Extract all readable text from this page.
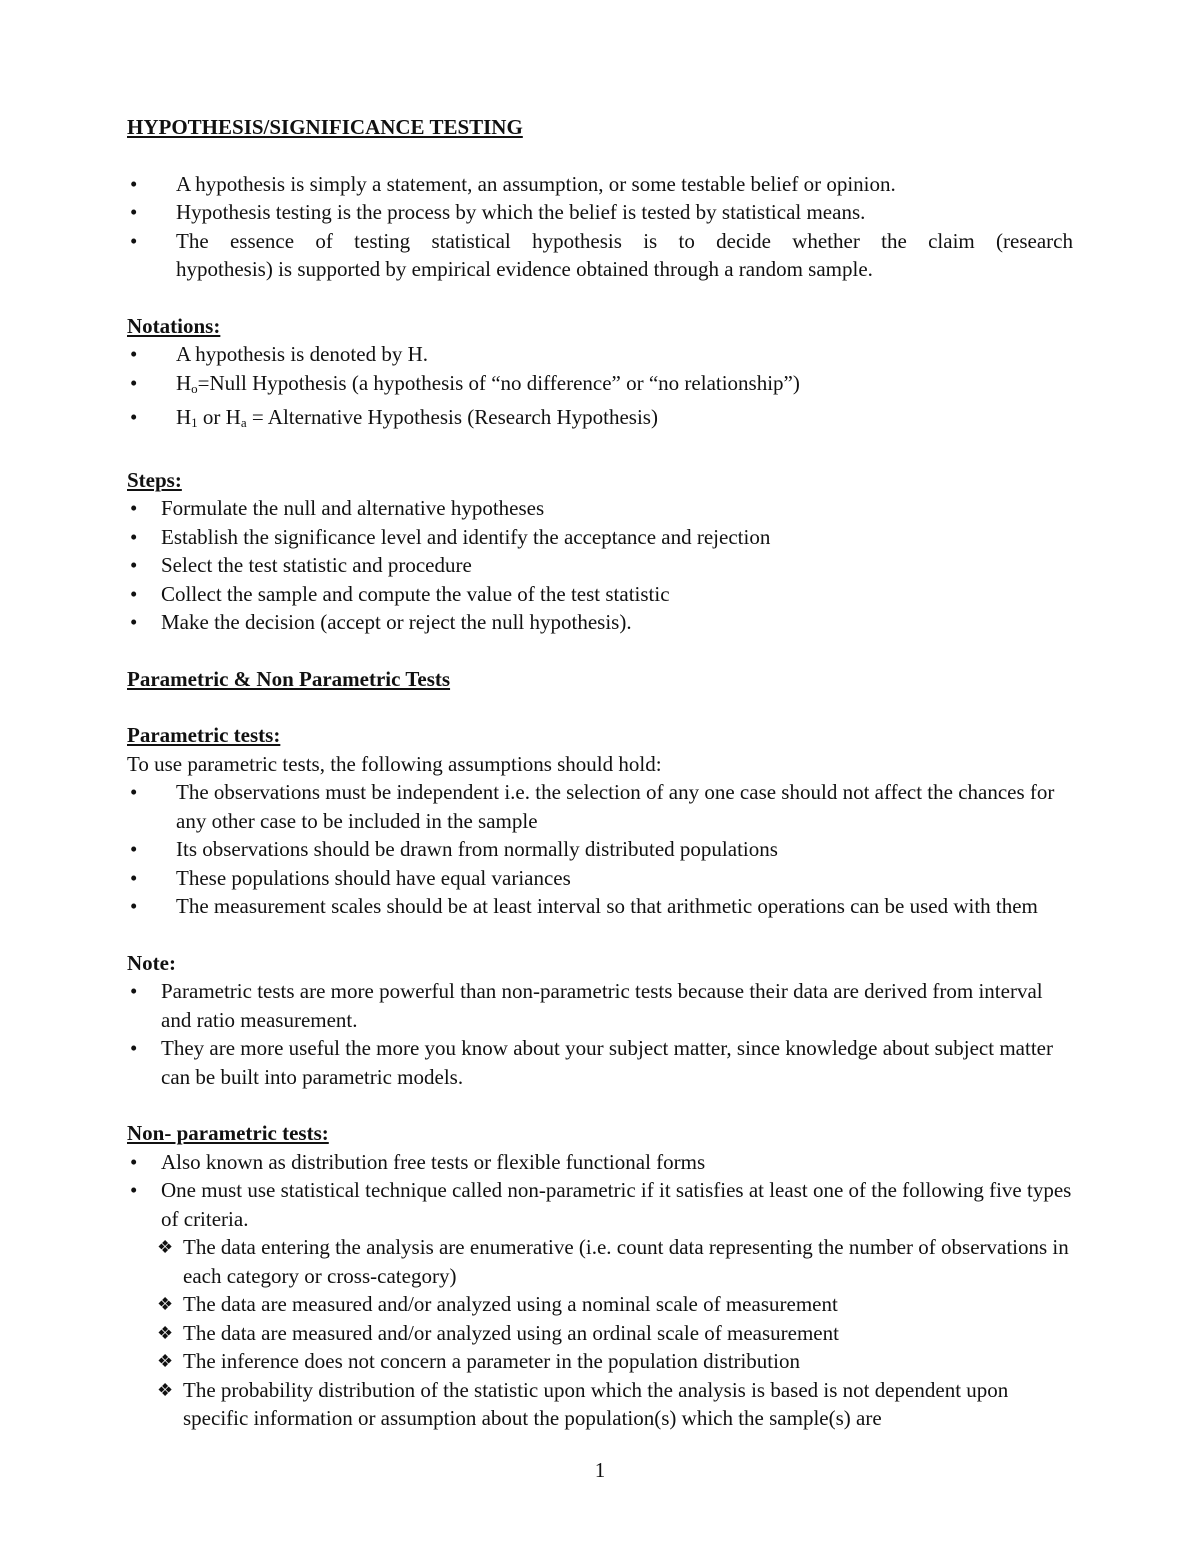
HYPOTHESIS/SIGNIFICANCE TESTING

•	A hypothesis is simply a statement, an assumption, or some testable belief or opinion.
•	Hypothesis testing is the process by which the belief is tested by statistical means.
•	The essence of testing statistical hypothesis is to decide whether the claim (research
hypothesis) is supported by empirical evidence obtained through a random sample.

Notations:

•	A hypothesis is denoted by H.
•	Ho=Null Hypothesis (a hypothesis of “no difference” or “no relationship”)
•	H1 or Ha = Alternative Hypothesis (Research Hypothesis)

Steps:

•	Formulate the null and alternative hypotheses
•	Establish the significance level and identify the acceptance and rejection
•	Select the test statistic and procedure
•	Collect the sample and compute the value of the test statistic
•	Make the decision (accept or reject the null hypothesis).

Parametric & Non Parametric Tests

Parametric tests:

To use parametric tests, the following assumptions should hold:

•	The observations must be independent i.e. the selection of any one case should not affect the chances for any other case to be included in the sample
•	Its observations should be drawn from normally distributed populations
•	These populations should have equal variances
•	The measurement scales should be at least interval so that arithmetic operations can be used with them

Note:

•	Parametric tests are more powerful than non-parametric tests because their data are derived from interval and ratio measurement.
•	They are more useful the more you know about your subject matter, since knowledge about subject matter can be built into parametric models.

Non- parametric tests:

•	Also known as distribution free tests or flexible functional forms
•	One must use statistical technique called non-parametric if it satisfies at least one of the following five types of criteria.
❖ The data entering the analysis are enumerative (i.e. count data representing the number of observations in each category or cross-category)
❖ The data are measured and/or analyzed using a nominal scale of measurement
❖ The data are measured and/or analyzed using an ordinal scale of measurement
❖ The inference does not concern a parameter in the population distribution
❖ The probability distribution of the statistic upon which the analysis is based is not dependent upon specific information or assumption about the population(s) which the sample(s) are
1
